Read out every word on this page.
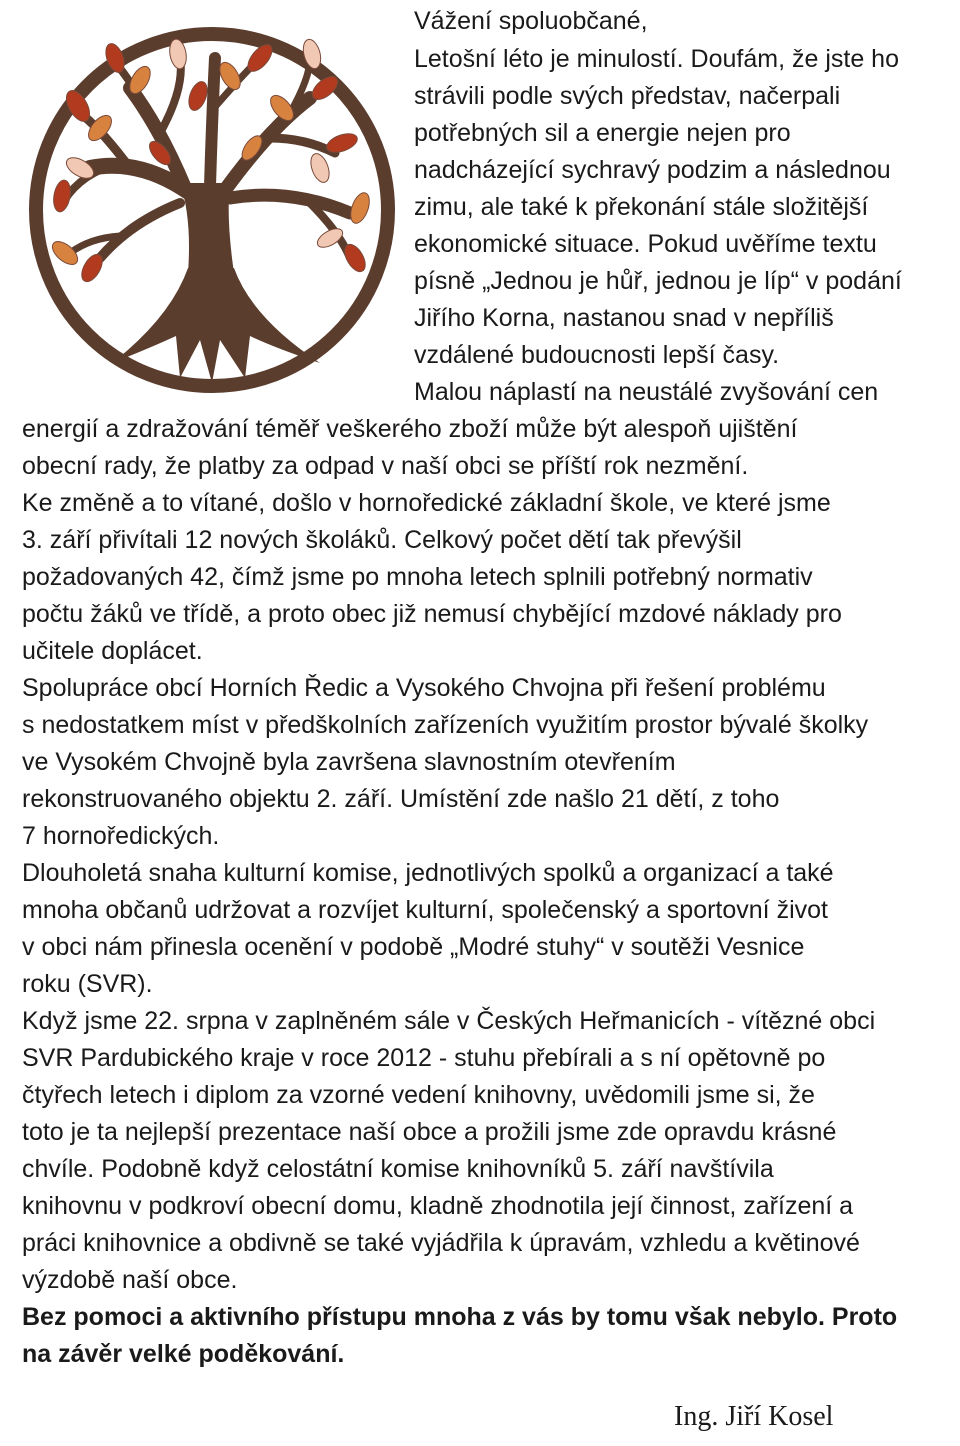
Vážení spoluobčané,

Letošní léto je minulostí. Doufám, že jste ho

strávili podle svých představ, načerpali

potřebných sil a energie nejen pro

nadcházející sychravý podzim a následnou

zimu, ale také k překonání stále složitější

ekonomické situace. Pokud uvěříme textu

písně „Jednou je hůř, jednou je líp“ v podání

Jiřího Korna, nastanou snad v nepříliš

vzdálené budoucnosti lepší časy.

Malou náplastí na neustálé zvyšování cen

energií a zdražování téměř veškerého zboží může být alespoň ujištění

obecní rady, že platby za odpad v naší obci se příští rok nezmění.

Ke změně a to vítané, došlo v hornoředické základní škole, ve které jsme

3. září přivítali 12 nových školáků. Celkový počet dětí tak převýšil

požadovaných 42, čímž jsme po mnoha letech splnili potřebný normativ

počtu žáků ve třídě, a proto obec již nemusí chybějící mzdové náklady pro

učitele doplácet.

Spolupráce obcí Horních Ředic a Vysokého Chvojna při řešení problému

s nedostatkem míst v předškolních zařízeních využitím prostor bývalé školky

ve Vysokém Chvojně byla završena slavnostním otevřením

rekonstruovaného objektu 2. září. Umístění zde našlo 21 dětí, z toho

7 hornoředických.

Dlouholetá snaha kulturní komise, jednotlivých spolků a organizací a také

mnoha občanů udržovat a rozvíjet kulturní, společenský a sportovní život

v obci nám přinesla ocenění v podobě „Modré stuhy“ v soutěži Vesnice

roku (SVR).

Když jsme 22. srpna v zaplněném sále v Českých Heřmanicích - vítězné obci

SVR Pardubického kraje v roce 2012 - stuhu přebírali a s ní opětovně po

čtyřech letech i diplom za vzorné vedení knihovny, uvědomili jsme si, že

toto je ta nejlepší prezentace naší obce a prožili jsme zde opravdu krásné

chvíle. Podobně když celostátní komise knihovníků 5. září navštívila

knihovnu v podkroví obecní domu, kladně zhodnotila její činnost, zařízení a

práci knihovnice a obdivně se také vyjádřila k úpravám, vzhledu a květinové

výzdobě naší obce.

Bez pomoci a aktivního přístupu mnoha z vás by tomu však nebylo. Proto

na závěr velké poděkování.

Ing. Jiří Kosel
